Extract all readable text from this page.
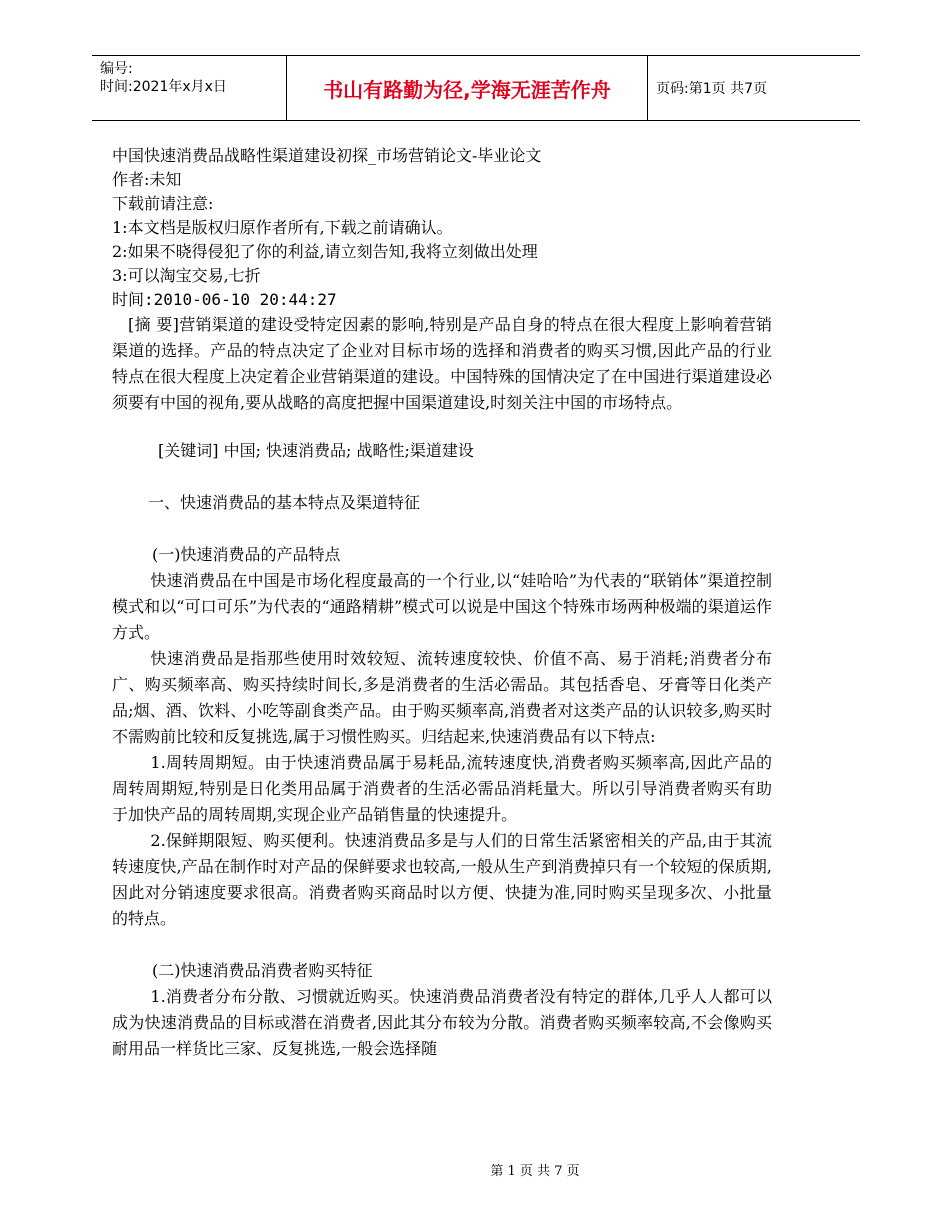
编号:
时间:2021年x月x日	书山有路勤为径,学海无涯苦作舟	页码:第1页 共7页

中国快速消费品战略性渠道建设初探_市场营销论文-毕业论文

作者:未知

下载前请注意:

1:本文档是版权归原作者所有,下载之前请确认。

2:如果不晓得侵犯了你的利益,请立刻告知,我将立刻做出处理

3:可以淘宝交易,七折

时间:2010-06-10 20:44:27

[摘 要]营销渠道的建设受特定因素的影响,特别是产品自身的特点在很大程度上影响着营销渠道的选择。产品的特点决定了企业对目标市场的选择和消费者的购买习惯,因此产品的行业特点在很大程度上决定着企业营销渠道的建设。中国特殊的国情决定了在中国进行渠道建设必须要有中国的视角,要从战略的高度把握中国渠道建设,时刻关注中国的市场特点。

[关键词] 中国; 快速消费品; 战略性;渠道建设

一、快速消费品的基本特点及渠道特征

(一)快速消费品的产品特点

快速消费品在中国是市场化程度最高的一个行业,以“娃哈哈”为代表的“联销体”渠道控制模式和以“可口可乐”为代表的“通路精耕”模式可以说是中国这个特殊市场两种极端的渠道运作方式。

快速消费品是指那些使用时效较短、流转速度较快、价值不高、易于消耗;消费者分布广、购买频率高、购买持续时间长,多是消费者的生活必需品。其包括香皂、牙膏等日化类产品;烟、酒、饮料、小吃等副食类产品。由于购买频率高,消费者对这类产品的认识较多,购买时不需购前比较和反复挑选,属于习惯性购买。归结起来,快速消费品有以下特点:

1.周转周期短。由于快速消费品属于易耗品,流转速度快,消费者购买频率高,因此产品的周转周期短,特别是日化类用品属于消费者的生活必需品消耗量大。所以引导消费者购买有助于加快产品的周转周期,实现企业产品销售量的快速提升。

2.保鲜期限短、购买便利。快速消费品多是与人们的日常生活紧密相关的产品,由于其流转速度快,产品在制作时对产品的保鲜要求也较高,一般从生产到消费掉只有一个较短的保质期,因此对分销速度要求很高。消费者购买商品时以方便、快捷为准,同时购买呈现多次、小批量的特点。

(二)快速消费品消费者购买特征

1.消费者分布分散、习惯就近购买。快速消费品消费者没有特定的群体,几乎人人都可以成为快速消费品的目标或潜在消费者,因此其分布较为分散。消费者购买频率较高,不会像购买耐用品一样货比三家、反复挑选,一般会选择随

第 1 页 共 7 页
